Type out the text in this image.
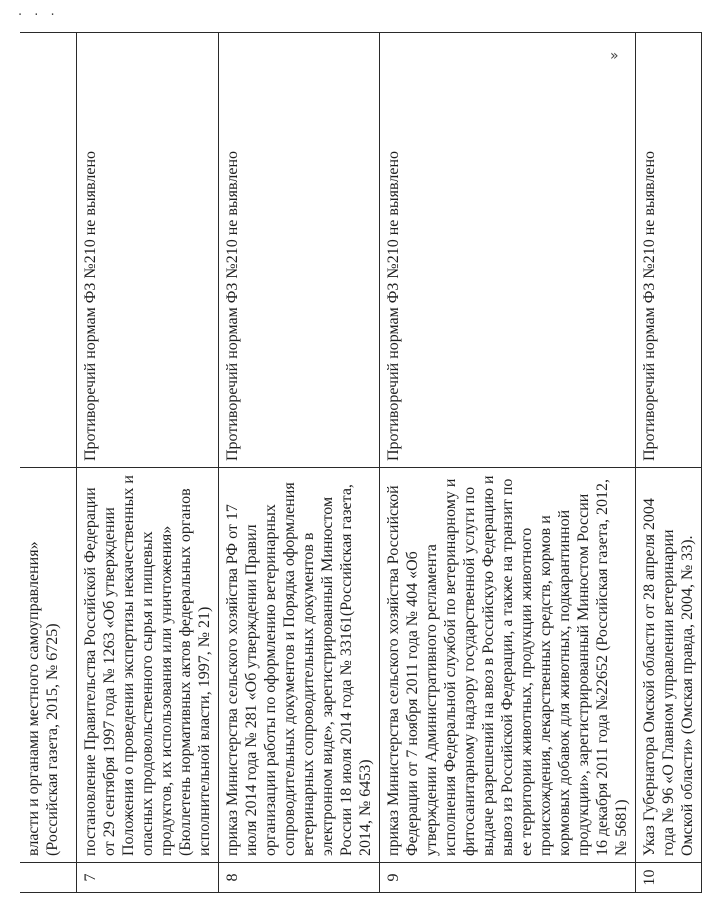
· · ·
»
	власти и органами местного самоуправления» (Российская газета, 2015, № 6725)	
7	постановление Правительства Российской Федерации от 29 сентября 1997 года № 1263 «Об утверждении Положения о проведении экспертизы некачественных и опасных продовольственного сырья и пищевых продуктов, их использования или уничтожения» (Бюллетень нормативных актов федеральных органов исполнительной власти, 1997, № 21)	Противоречий нормам ФЗ №210 не выявлено
8	приказ Министерства сельского хозяйства РФ от 17 июля 2014 года № 281 «Об утверждении Правил организации работы по оформлению ветеринарных сопроводительных документов и Порядка оформления ветеринарных сопроводительных документов в электронном виде», зарегистрированный Минюстом России 18 июля 2014 года № 33161(Российская газета, 2014, № 6453)	Противоречий нормам ФЗ №210 не выявлено
9	приказ Министерства сельского хозяйства Российской Федерации от 7 ноября 2011 года № 404 «Об утверждении Административного регламента исполнения Федеральной службой по ветеринарному и фитосанитарному надзору государственной услуги по выдаче разрешений на ввоз в Российскую Федерацию и вывоз из Российской Федерации, а также на транзит по ее территории животных, продукции животного происхождения, лекарственных средств, кормов и кормовых добавок для животных, подкарантинной продукции», зарегистрированный Минюстом России 16 декабря 2011 года №22652 (Российская газета, 2012, № 5681)	Противоречий нормам ФЗ №210 не выявлено
10	Указ Губернатора Омской области от 28 апреля 2004 года № 96 «О Главном управлении ветеринарии Омской области» (Омская правда, 2004, № 33).	Противоречий нормам ФЗ №210 не выявлено
